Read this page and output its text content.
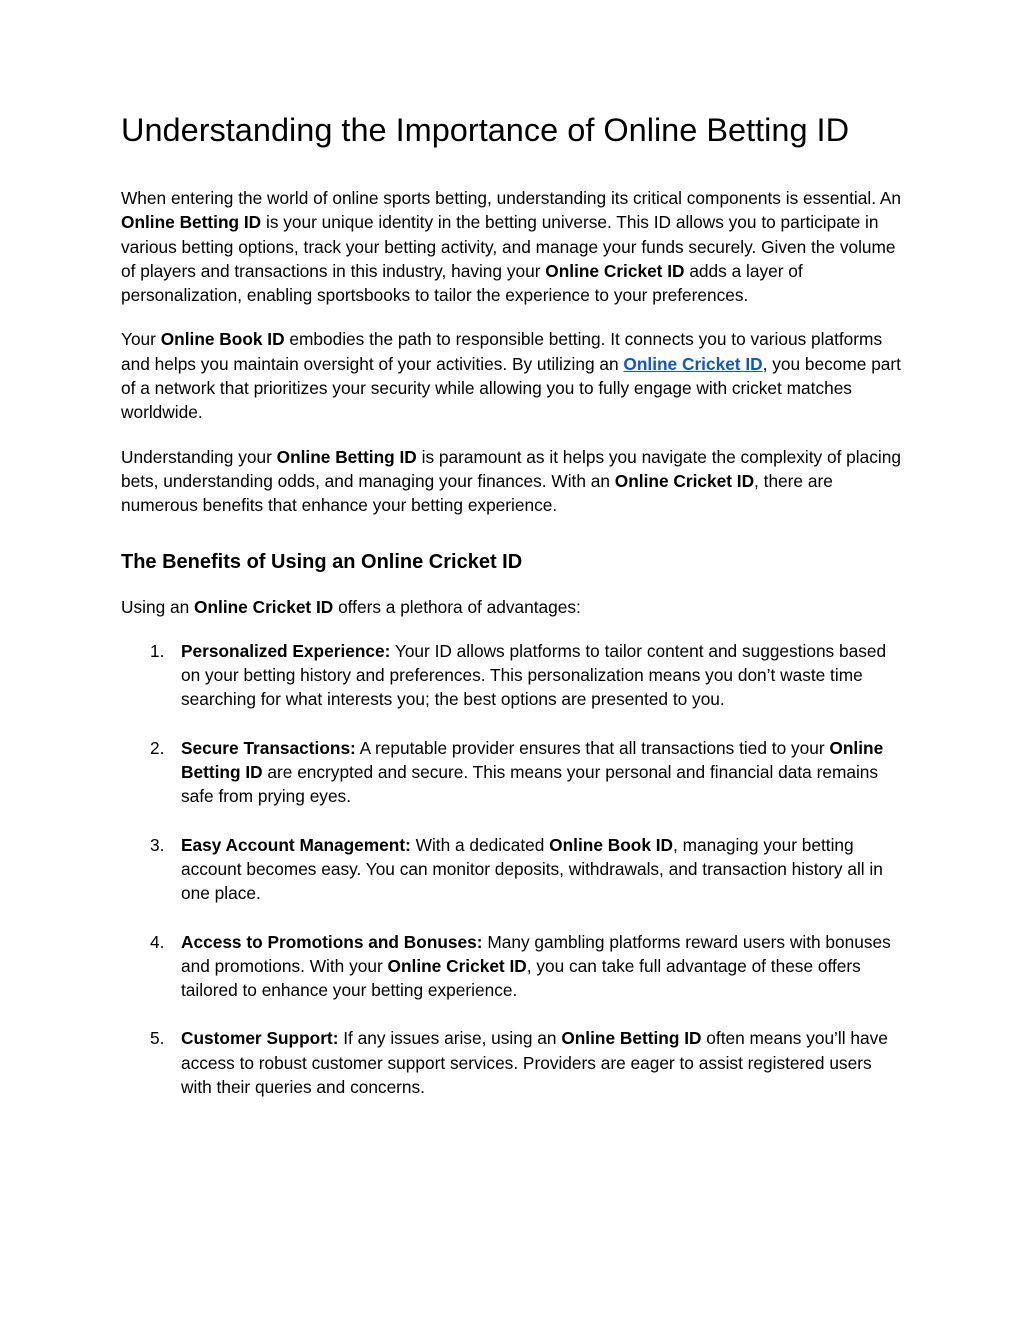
Understanding the Importance of Online Betting ID

When entering the world of online sports betting, understanding its critical components is essential. An Online Betting ID is your unique identity in the betting universe. This ID allows you to participate in various betting options, track your betting activity, and manage your funds securely. Given the volume of players and transactions in this industry, having your Online Cricket ID adds a layer of personalization, enabling sportsbooks to tailor the experience to your preferences.

Your Online Book ID embodies the path to responsible betting. It connects you to various platforms and helps you maintain oversight of your activities. By utilizing an Online Cricket ID, you become part of a network that prioritizes your security while allowing you to fully engage with cricket matches worldwide.

Understanding your Online Betting ID is paramount as it helps you navigate the complexity of placing bets, understanding odds, and managing your finances. With an Online Cricket ID, there are numerous benefits that enhance your betting experience.

The Benefits of Using an Online Cricket ID

Using an Online Cricket ID offers a plethora of advantages:

1. Personalized Experience: Your ID allows platforms to tailor content and suggestions based on your betting history and preferences. This personalization means you don’t waste time searching for what interests you; the best options are presented to you.
2. Secure Transactions: A reputable provider ensures that all transactions tied to your Online Betting ID are encrypted and secure. This means your personal and financial data remains safe from prying eyes.
3. Easy Account Management: With a dedicated Online Book ID, managing your betting account becomes easy. You can monitor deposits, withdrawals, and transaction history all in one place.
4. Access to Promotions and Bonuses: Many gambling platforms reward users with bonuses and promotions. With your Online Cricket ID, you can take full advantage of these offers tailored to enhance your betting experience.
5. Customer Support: If any issues arise, using an Online Betting ID often means you’ll have access to robust customer support services. Providers are eager to assist registered users with their queries and concerns.
